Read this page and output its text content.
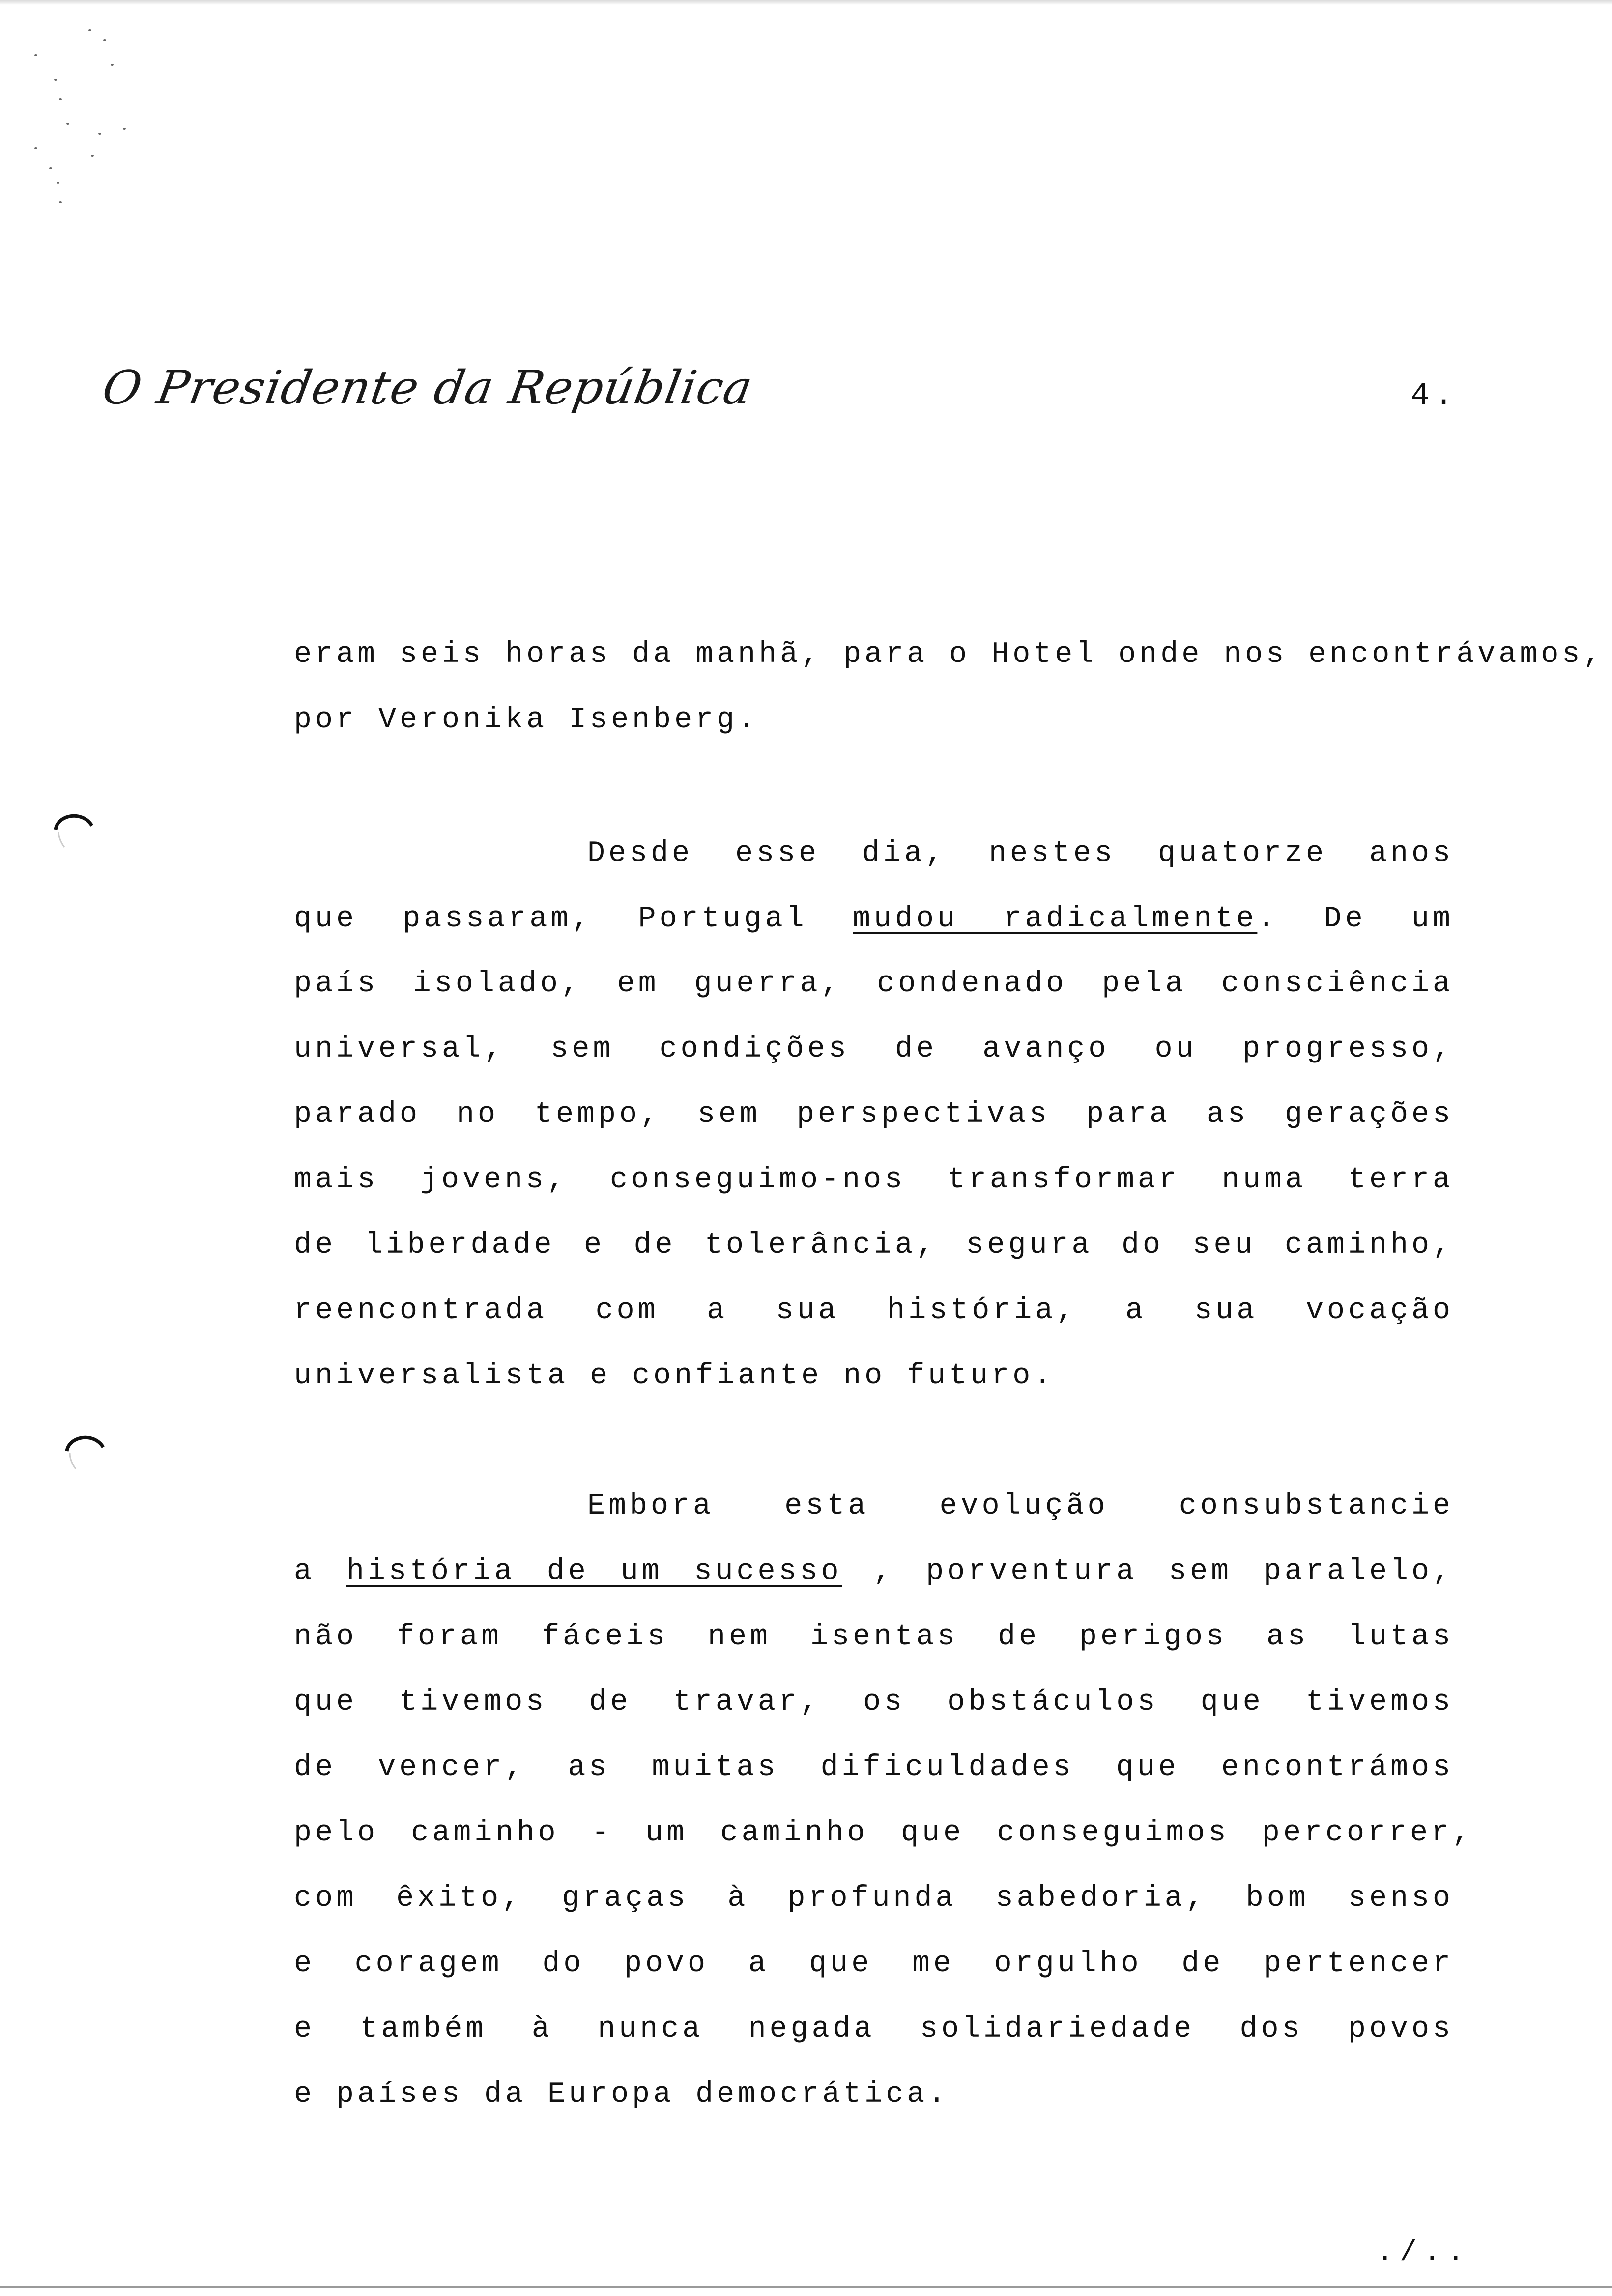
O Presidente da República	4.
eram seis horas da manhã, para o Hotel onde nos encontrávamos,
por Veronika Isenberg.
Desde esse dia, nestes quatorze anos
que passaram, Portugal mudou radicalmente. De um
país isolado, em guerra, condenado pela consciência
universal, sem condições de avanço ou progresso,
parado no tempo, sem perspectivas para as gerações
mais jovens, conseguimo-nos transformar numa terra
de liberdade e de tolerância, segura do seu caminho,
reencontrada com a sua história, a sua vocação
universalista e confiante no futuro.
Embora esta evolução consubstancie
a história de um sucesso , porventura sem paralelo,
não foram fáceis nem isentas de perigos as lutas
que tivemos de travar, os obstáculos que tivemos
de vencer, as muitas dificuldades que encontrámos
pelo caminho - um caminho que conseguimos percorrer,
com êxito, graças à profunda sabedoria, bom senso
e coragem do povo a que me orgulho de pertencer
e também à nunca negada solidariedade dos povos
e países da Europa democrática.
./..
